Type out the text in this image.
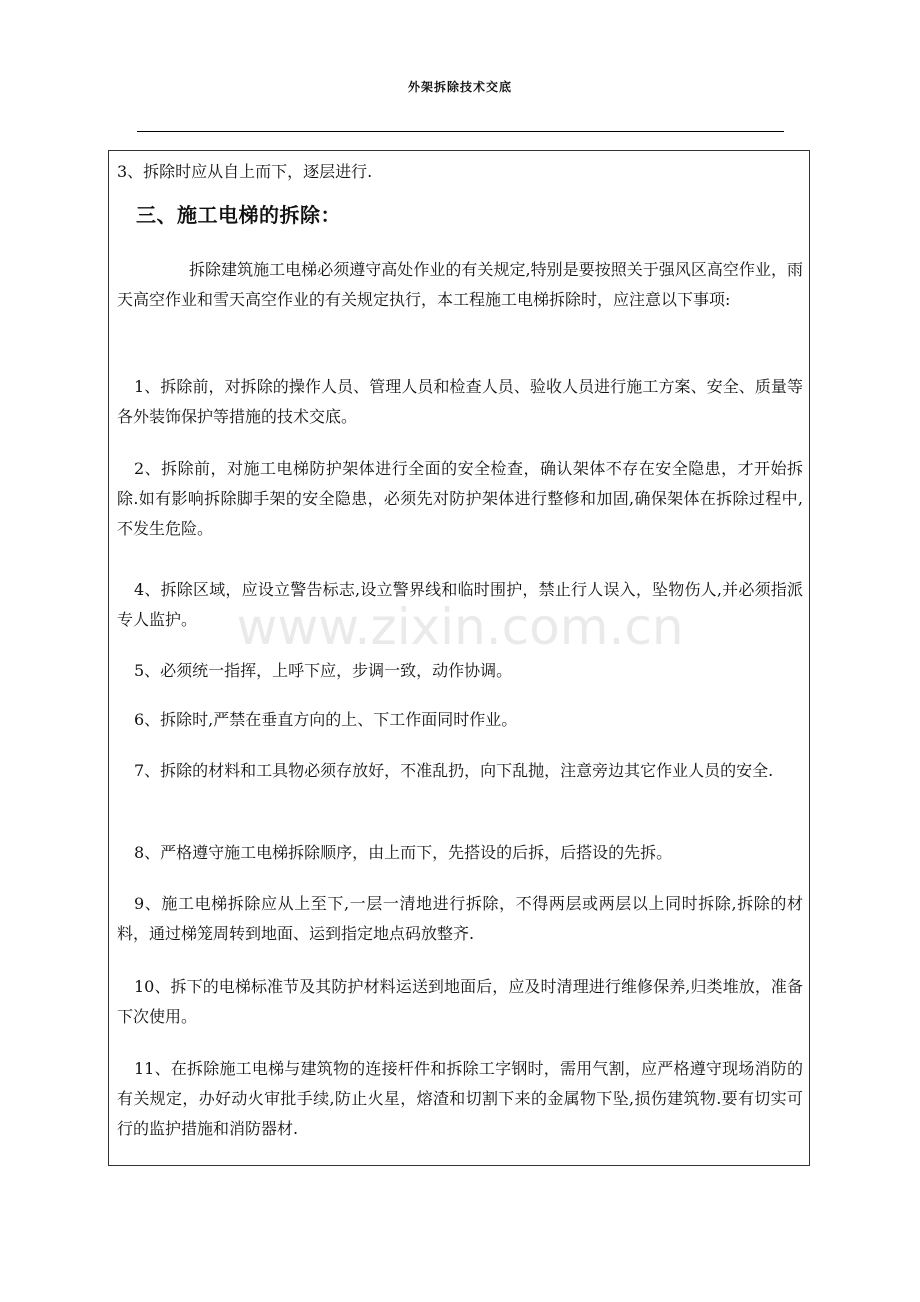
外架拆除技术交底

3、拆除时应从自上而下，逐层进行.

三、施工电梯的拆除：

拆除建筑施工电梯必须遵守高处作业的有关规定,特别是要按照关于强风区高空作业，雨天高空作业和雪天高空作业的有关规定执行，本工程施工电梯拆除时，应注意以下事项:

1、拆除前，对拆除的操作人员、管理人员和检查人员、验收人员进行施工方案、安全、质量等各外装饰保护等措施的技术交底。

2、拆除前，对施工电梯防护架体进行全面的安全检查，确认架体不存在安全隐患，才开始拆除.如有影响拆除脚手架的安全隐患，必须先对防护架体进行整修和加固,确保架体在拆除过程中,不发生危险。

4、拆除区域，应设立警告标志,设立警界线和临时围护，禁止行人误入，坠物伤人,并必须指派专人监护。

5、必须统一指挥，上呼下应，步调一致，动作协调。

6、拆除时,严禁在垂直方向的上、下工作面同时作业。

7、拆除的材料和工具物必须存放好，不准乱扔，向下乱抛，注意旁边其它作业人员的安全.

8、严格遵守施工电梯拆除顺序，由上而下，先搭设的后拆，后搭设的先拆。

9、施工电梯拆除应从上至下,一层一清地进行拆除，不得两层或两层以上同时拆除,拆除的材料，通过梯笼周转到地面、运到指定地点码放整齐.

10、拆下的电梯标准节及其防护材料运送到地面后，应及时清理进行维修保养,归类堆放，准备下次使用。

11、在拆除施工电梯与建筑物的连接杆件和拆除工字钢时，需用气割，应严格遵守现场消防的有关规定，办好动火审批手续,防止火星，熔渣和切割下来的金属物下坠,损伤建筑物.要有切实可行的监护措施和消防器材.

www.zixin.com.cn
